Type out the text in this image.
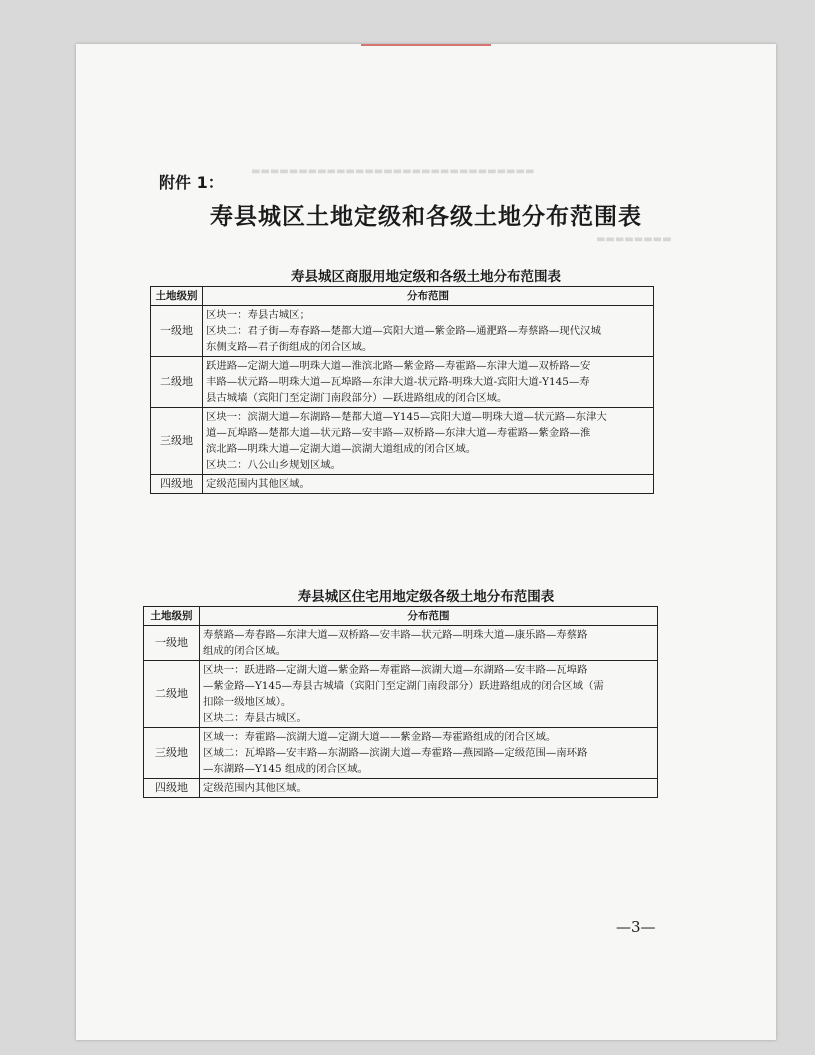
▬▬▬▬▬▬▬▬▬▬▬▬▬▬▬▬▬▬▬▬▬▬▬▬▬▬▬▬▬▬
▬▬▬▬▬▬▬▬
附件 1：
寿县城区土地定级和各级土地分布范围表
寿县城区商服用地定级和各级土地分布范围表
土地级别	分布范围
一级地	区块一：寿县古城区；
区块二：君子街—寿春路—楚都大道—宾阳大道—紫金路—通淝路—寿蔡路—现代汉城
东侧支路—君子街组成的闭合区域。

二级地	跃进路—定湖大道—明珠大道—淮滨北路—紫金路—寿霍路—东津大道—双桥路—安
丰路—状元路—明珠大道—瓦埠路—东津大道-状元路-明珠大道-宾阳大道-Y145—寿
县古城墙（宾阳门至定湖门南段部分）—跃进路组成的闭合区域。

三级地	区块一：滨湖大道—东湖路—楚都大道—Y145—宾阳大道—明珠大道—状元路—东津大
道—瓦埠路—楚都大道—状元路—安丰路—双桥路—东津大道—寿霍路—紫金路—淮
滨北路—明珠大道—定湖大道—滨湖大道组成的闭合区域。
区块二：八公山乡规划区域。

四级地	定级范围内其他区域。
寿县城区住宅用地定级各级土地分布范围表
土地级别	分布范围
一级地	寿蔡路—寿春路—东津大道—双桥路—安丰路—状元路—明珠大道—康乐路—寿蔡路
组成的闭合区域。

二级地	区块一：跃进路—定湖大道—紫金路—寿霍路—滨湖大道—东湖路—安丰路—瓦埠路
—紫金路—Y145—寿县古城墙（宾阳门至定湖门南段部分）跃进路组成的闭合区域（需
扣除一级地区域）。
区块二：寿县古城区。

三级地	区域一：寿霍路—滨湖大道—定湖大道——紫金路—寿霍路组成的闭合区域。
区域二：瓦埠路—安丰路—东湖路—滨湖大道—寿霍路—燕园路—定级范围—南环路
—东湖路—Y145 组成的闭合区域。

四级地	定级范围内其他区域。
—3—
